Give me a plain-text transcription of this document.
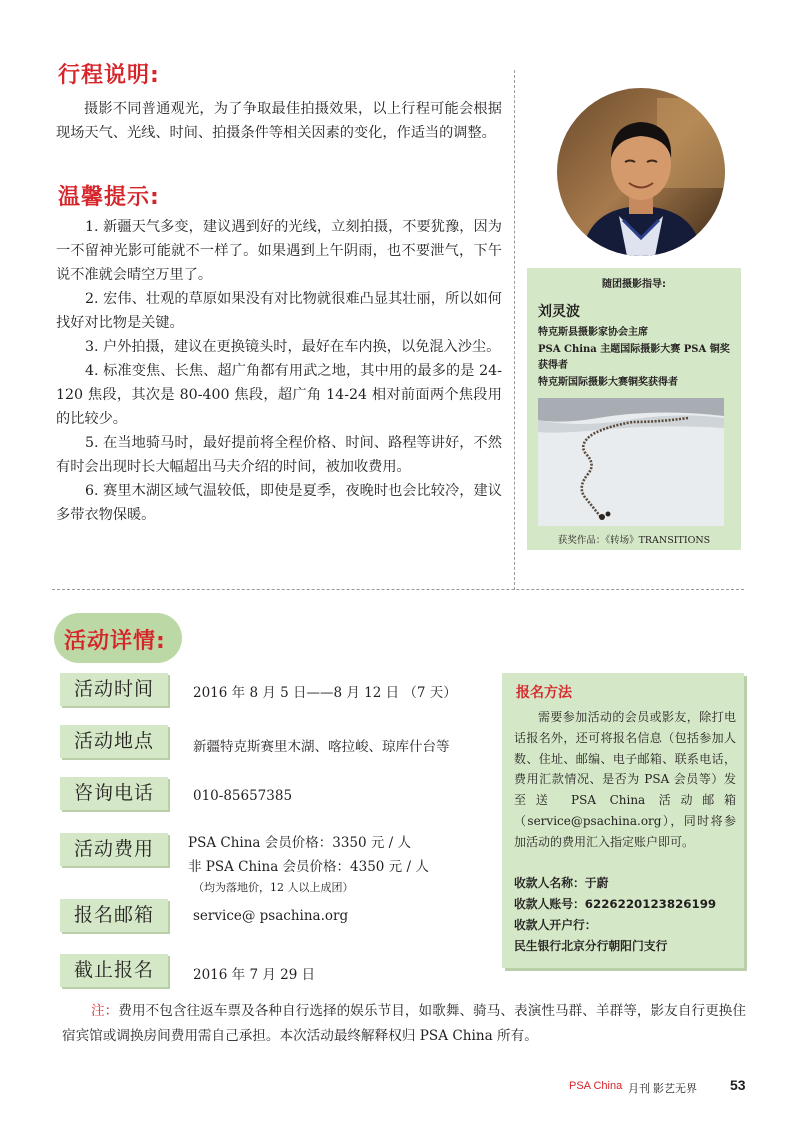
行程说明:
摄影不同普通观光，为了争取最佳拍摄效果，以上行程可能会根据现场天气、光线、时间、拍摄条件等相关因素的变化，作适当的调整。
温馨提示:

1. 新疆天气多变，建议遇到好的光线，立刻拍摄，不要犹豫，因为一不留神光影可能就不一样了。如果遇到上午阴雨，也不要泄气，下午说不准就会晴空万里了。

2. 宏伟、壮观的草原如果没有对比物就很难凸显其壮丽，所以如何找好对比物是关键。

3. 户外拍摄，建议在更换镜头时，最好在车内换，以免混入沙尘。

4. 标准变焦、长焦、超广角都有用武之地，其中用的最多的是 24-120 焦段，其次是 80-400 焦段，超广角 14-24 相对前面两个焦段用的比较少。

5. 在当地骑马时，最好提前将全程价格、时间、路程等讲好，不然有时会出现时长大幅超出马夫介绍的时间，被加收费用。

6. 赛里木湖区域气温较低，即使是夏季，夜晚时也会比较冷，建议多带衣物保暖。

随团摄影指导:
刘灵波
特克斯县摄影家协会主席
PSA China 主题国际摄影大赛 PSA 铜奖获得者
特克斯国际摄影大赛铜奖获得者
获奖作品：《转场》TRANSITIONS
活动详情:
活动时间	2016 年 8 月 5 日——8 月 12 日 （7 天）
活动地点	新疆特克斯赛里木湖、喀拉峻、琼库什台等
咨询电话	010-85657385
活动费用	PSA China 会员价格：3350 元 / 人
非 PSA China 会员价格：4350 元 / 人
（均为落地价，12 人以上成团）
报名邮箱	service@ psachina.org
截止报名	2016 年 7 月 29 日
报名方法
需要参加活动的会员或影友，除打电话报名外，还可将报名信息（包括参加人数、住址、邮编、电子邮箱、联系电话，费用汇款情况、是否为 PSA 会员等）发至送 PSA China 活动邮箱（service@psachina.org），同时将参加活动的费用汇入指定账户即可。
收款人名称：于蔚
收款人账号：6226220123826199
收款人开户行：
民生银行北京分行朝阳门支行
注：费用不包含往返车票及各种自行选择的娱乐节目，如歌舞、骑马、表演性马群、羊群等，影友自行更换住宿宾馆或调换房间费用需自己承担。本次活动最终解释权归 PSA China 所有。
PSA China 月刊 影艺无界 53
